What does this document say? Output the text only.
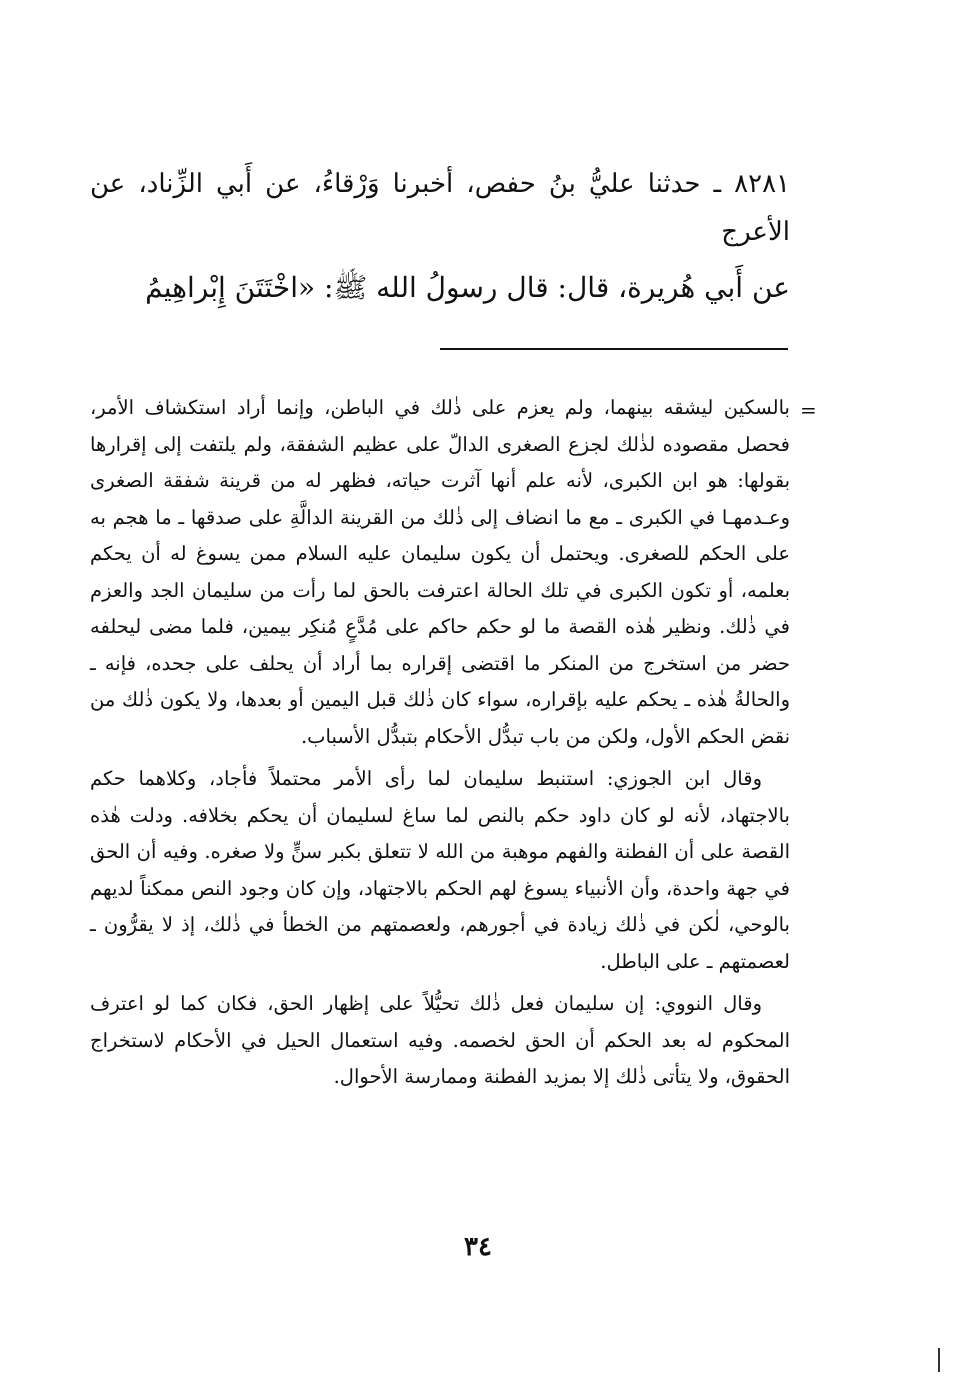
٨٢٨١ ـ حدثنا عليُّ بنُ حفص، أخبرنا وَرْقاءُ، عن أَبي الزِّناد، عن
الأعرج
عن أَبي هُريرة، قال: قال رسولُ الله ﷺ: «اخْتَتَنَ إِبْراهِيمُ
=

بالسكين ليشقه بينهما، ولم يعزم على ذٰلك في الباطن، وإنما أراد استكشاف الأمر، فحصل مقصوده لذٰلك لجزع الصغرى الدالّ على عظيم الشفقة، ولم يلتفت إلى إقرارها بقولها: هو ابن الكبرى، لأنه علم أنها آثرت حياته، فظهر له من قرينة شفقة الصغرى وعـدمهـا في الكبرى ـ مع ما انضاف إلى ذٰلك من القرينة الدالَّةِ على صدقها ـ ما هجم به على الحكم للصغرى. ويحتمل أن يكون سليمان عليه السلام ممن يسوغ له أن يحكم بعلمه، أو تكون الكبرى في تلك الحالة اعترفت بالحق لما رأت من سليمان الجد والعزم في ذٰلك. ونظير هٰذه القصة ما لو حكم حاكم على مُدَّعٍ مُنكِر بيمين، فلما مضى ليحلفه حضر من استخرج من المنكر ما اقتضى إقراره بما أراد أن يحلف على جحده، فإنه ـ والحالةُ هٰذه ـ يحكم عليه بإقراره، سواء كان ذٰلك قبل اليمين أو بعدها، ولا يكون ذٰلك من نقض الحكم الأول، ولكن من باب تبدُّل الأحكام بتبدُّل الأسباب.

وقال ابن الجوزي: استنبط سليمان لما رأى الأمر محتملاً فأجاد، وكلاهما حكم بالاجتهاد، لأنه لو كان داود حكم بالنص لما ساغ لسليمان أن يحكم بخلافه. ودلت هٰذه القصة على أن الفطنة والفهم موهبة من الله لا تتعلق بكبر سنٍّ ولا صغره. وفيه أن الحق في جهة واحدة، وأن الأنبياء يسوغ لهم الحكم بالاجتهاد، وإن كان وجود النص ممكناً لديهم بالوحي، لٰكن في ذٰلك زيادة في أجورهم، ولعصمتهم من الخطأ في ذٰلك، إذ لا يقرُّون ـ لعصمتهم ـ على الباطل.

وقال النووي: إن سليمان فعل ذٰلك تحيُّلاً على إظهار الحق، فكان كما لو اعترف المحكوم له بعد الحكم أن الحق لخصمه. وفيه استعمال الحيل في الأحكام لاستخراج الحقوق، ولا يتأتى ذٰلك إلا بمزيد الفطنة وممارسة الأحوال.

٣٤
